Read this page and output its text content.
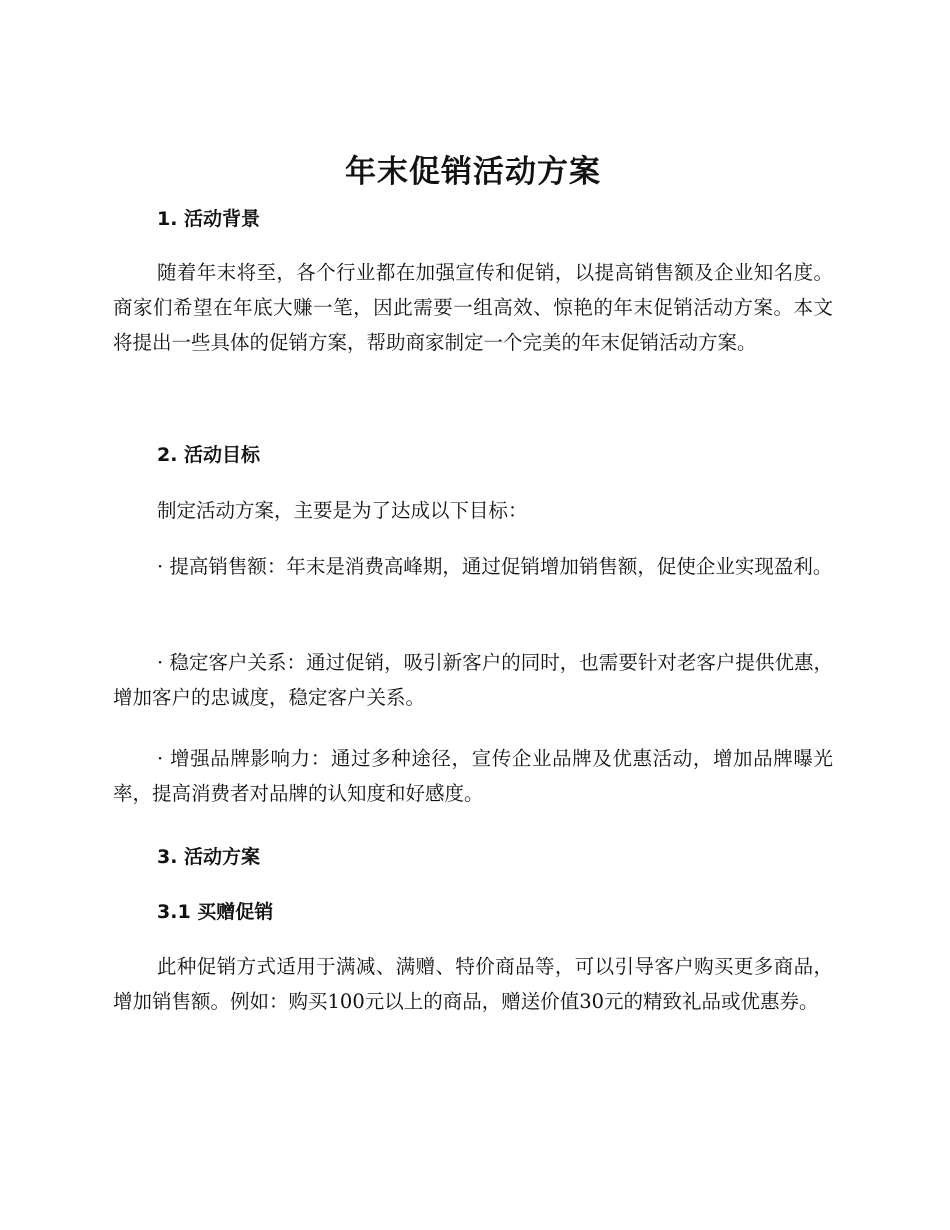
年末促销活动方案
1. 活动背景

随着年末将至，各个行业都在加强宣传和促销，以提高销售额及企业知名度。商家们希望在年底大赚一笔，因此需要一组高效、惊艳的年末促销活动方案。本文将提出一些具体的促销方案，帮助商家制定一个完美的年末促销活动方案。

2. 活动目标

制定活动方案，主要是为了达成以下目标：

· 提高销售额：年末是消费高峰期，通过促销增加销售额，促使企业实现盈利。

· 稳定客户关系：通过促销，吸引新客户的同时，也需要针对老客户提供优惠，增加客户的忠诚度，稳定客户关系。

· 增强品牌影响力：通过多种途径，宣传企业品牌及优惠活动，增加品牌曝光率，提高消费者对品牌的认知度和好感度。

3. 活动方案
3.1 买赠促销

此种促销方式适用于满减、满赠、特价商品等，可以引导客户购买更多商品，增加销售额。例如：购买100元以上的商品，赠送价值30元的精致礼品或优惠券。
